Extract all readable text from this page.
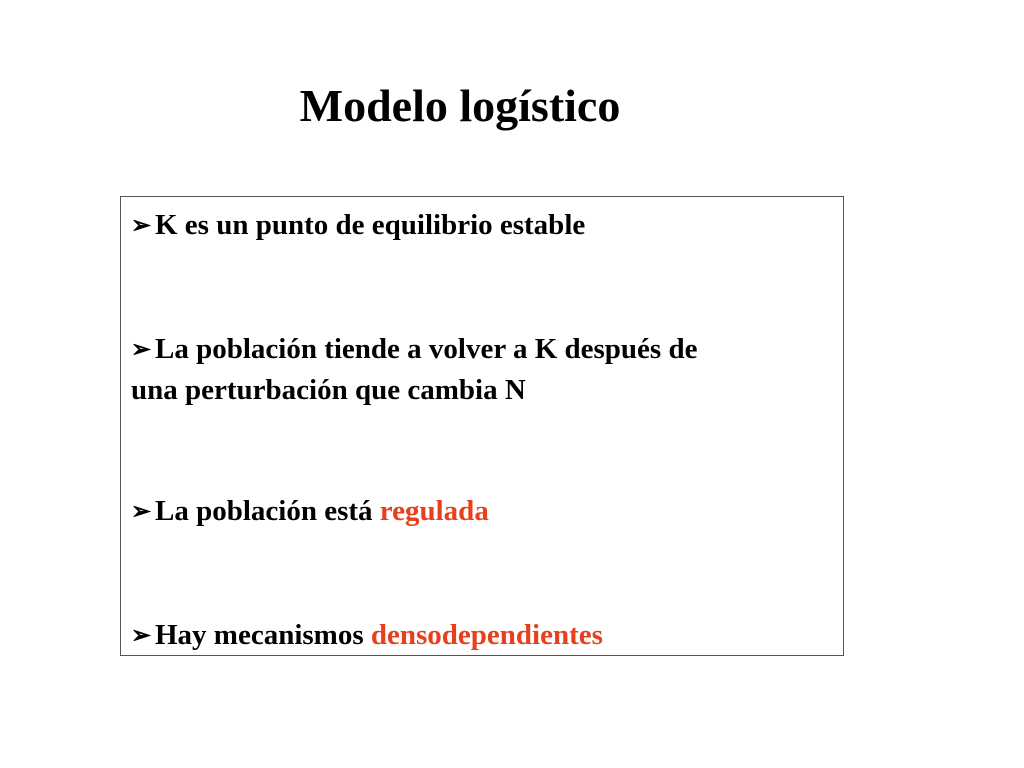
Modelo logístico
➢ K es un punto de equilibrio estable
➢ La población tiende a volver a K después de
una perturbación que cambia N
➢ La población está regulada
➢ Hay mecanismos densodependientes
